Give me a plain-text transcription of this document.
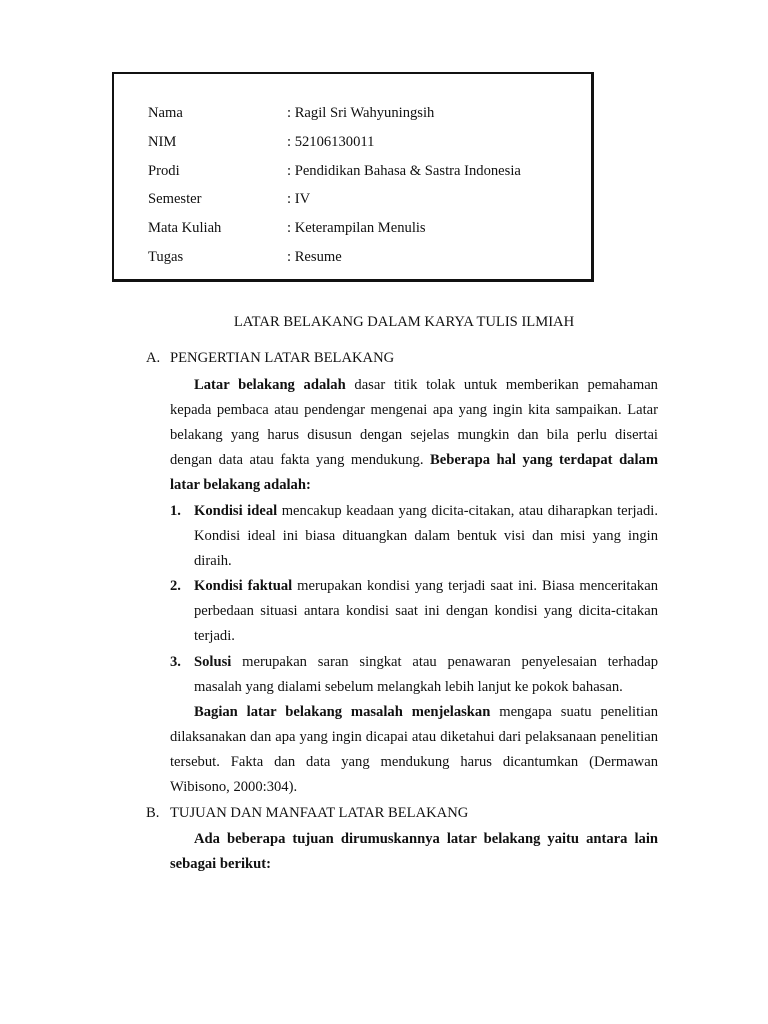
Nama	: Ragil Sri Wahyuningsih
NIM	: 52106130011
Prodi	: Pendidikan Bahasa & Sastra Indonesia
Semester	: IV
Mata Kuliah	: Keterampilan Menulis
Tugas	: Resume
LATAR BELAKANG DALAM KARYA TULIS ILMIAH
A. PENGERTIAN LATAR BELAKANG
Latar belakang adalah dasar titik tolak untuk memberikan pemahaman kepada pembaca atau pendengar mengenai apa yang ingin kita sampaikan. Latar belakang yang harus disusun dengan sejelas mungkin dan bila perlu disertai dengan data atau fakta yang mendukung. Beberapa hal yang terdapat dalam latar belakang adalah:
1. Kondisi ideal mencakup keadaan yang dicita-citakan, atau diharapkan terjadi. Kondisi ideal ini biasa dituangkan dalam bentuk visi dan misi yang ingin diraih.
2. Kondisi faktual merupakan kondisi yang terjadi saat ini. Biasa menceritakan perbedaan situasi antara kondisi saat ini dengan kondisi yang dicita-citakan terjadi.
3. Solusi merupakan saran singkat atau penawaran penyelesaian terhadap masalah yang dialami sebelum melangkah lebih lanjut ke pokok bahasan.
Bagian latar belakang masalah menjelaskan mengapa suatu penelitian dilaksanakan dan apa yang ingin dicapai atau diketahui dari pelaksanaan penelitian tersebut. Fakta dan data yang mendukung harus dicantumkan (Dermawan Wibisono, 2000:304).
B. TUJUAN DAN MANFAAT LATAR BELAKANG
Ada beberapa tujuan dirumuskannya latar belakang yaitu antara lain sebagai berikut:
